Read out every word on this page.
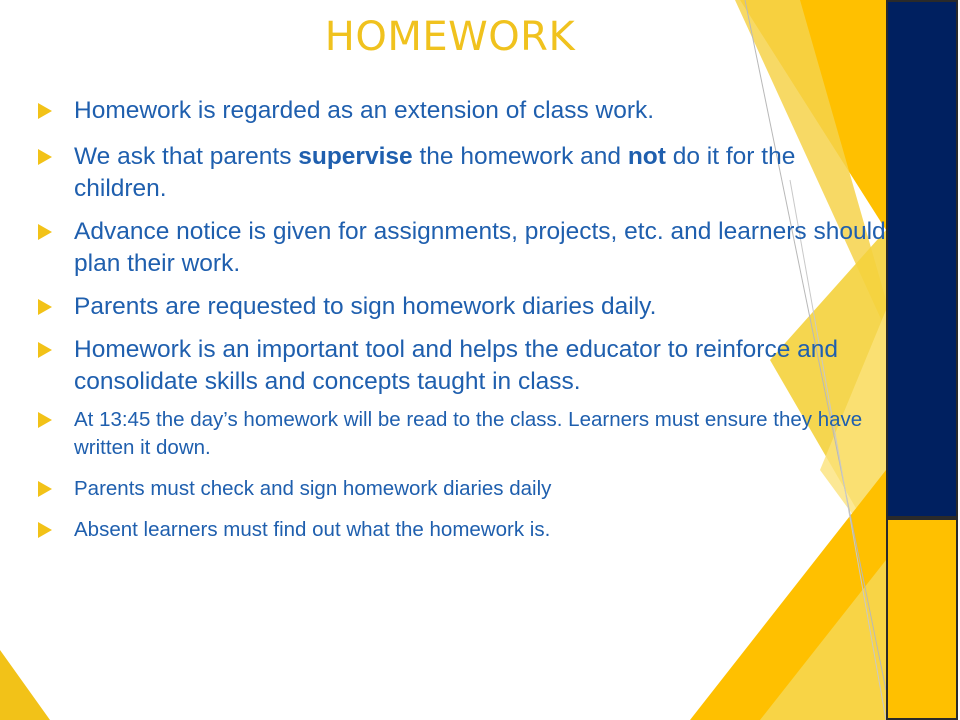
HOMEWORK
Homework is regarded as an extension of class work.
We ask that parents supervise the homework and not do it for the children.
Advance notice is given for assignments, projects, etc. and learners should plan their work.
Parents are requested to sign homework diaries daily.
Homework is an important tool and helps the educator to reinforce and consolidate skills and concepts taught in class.
At 13:45 the day’s homework will be read to the class. Learners must ensure they have written it down.
Parents must check and sign homework diaries daily
Absent learners must find out what the homework is.
